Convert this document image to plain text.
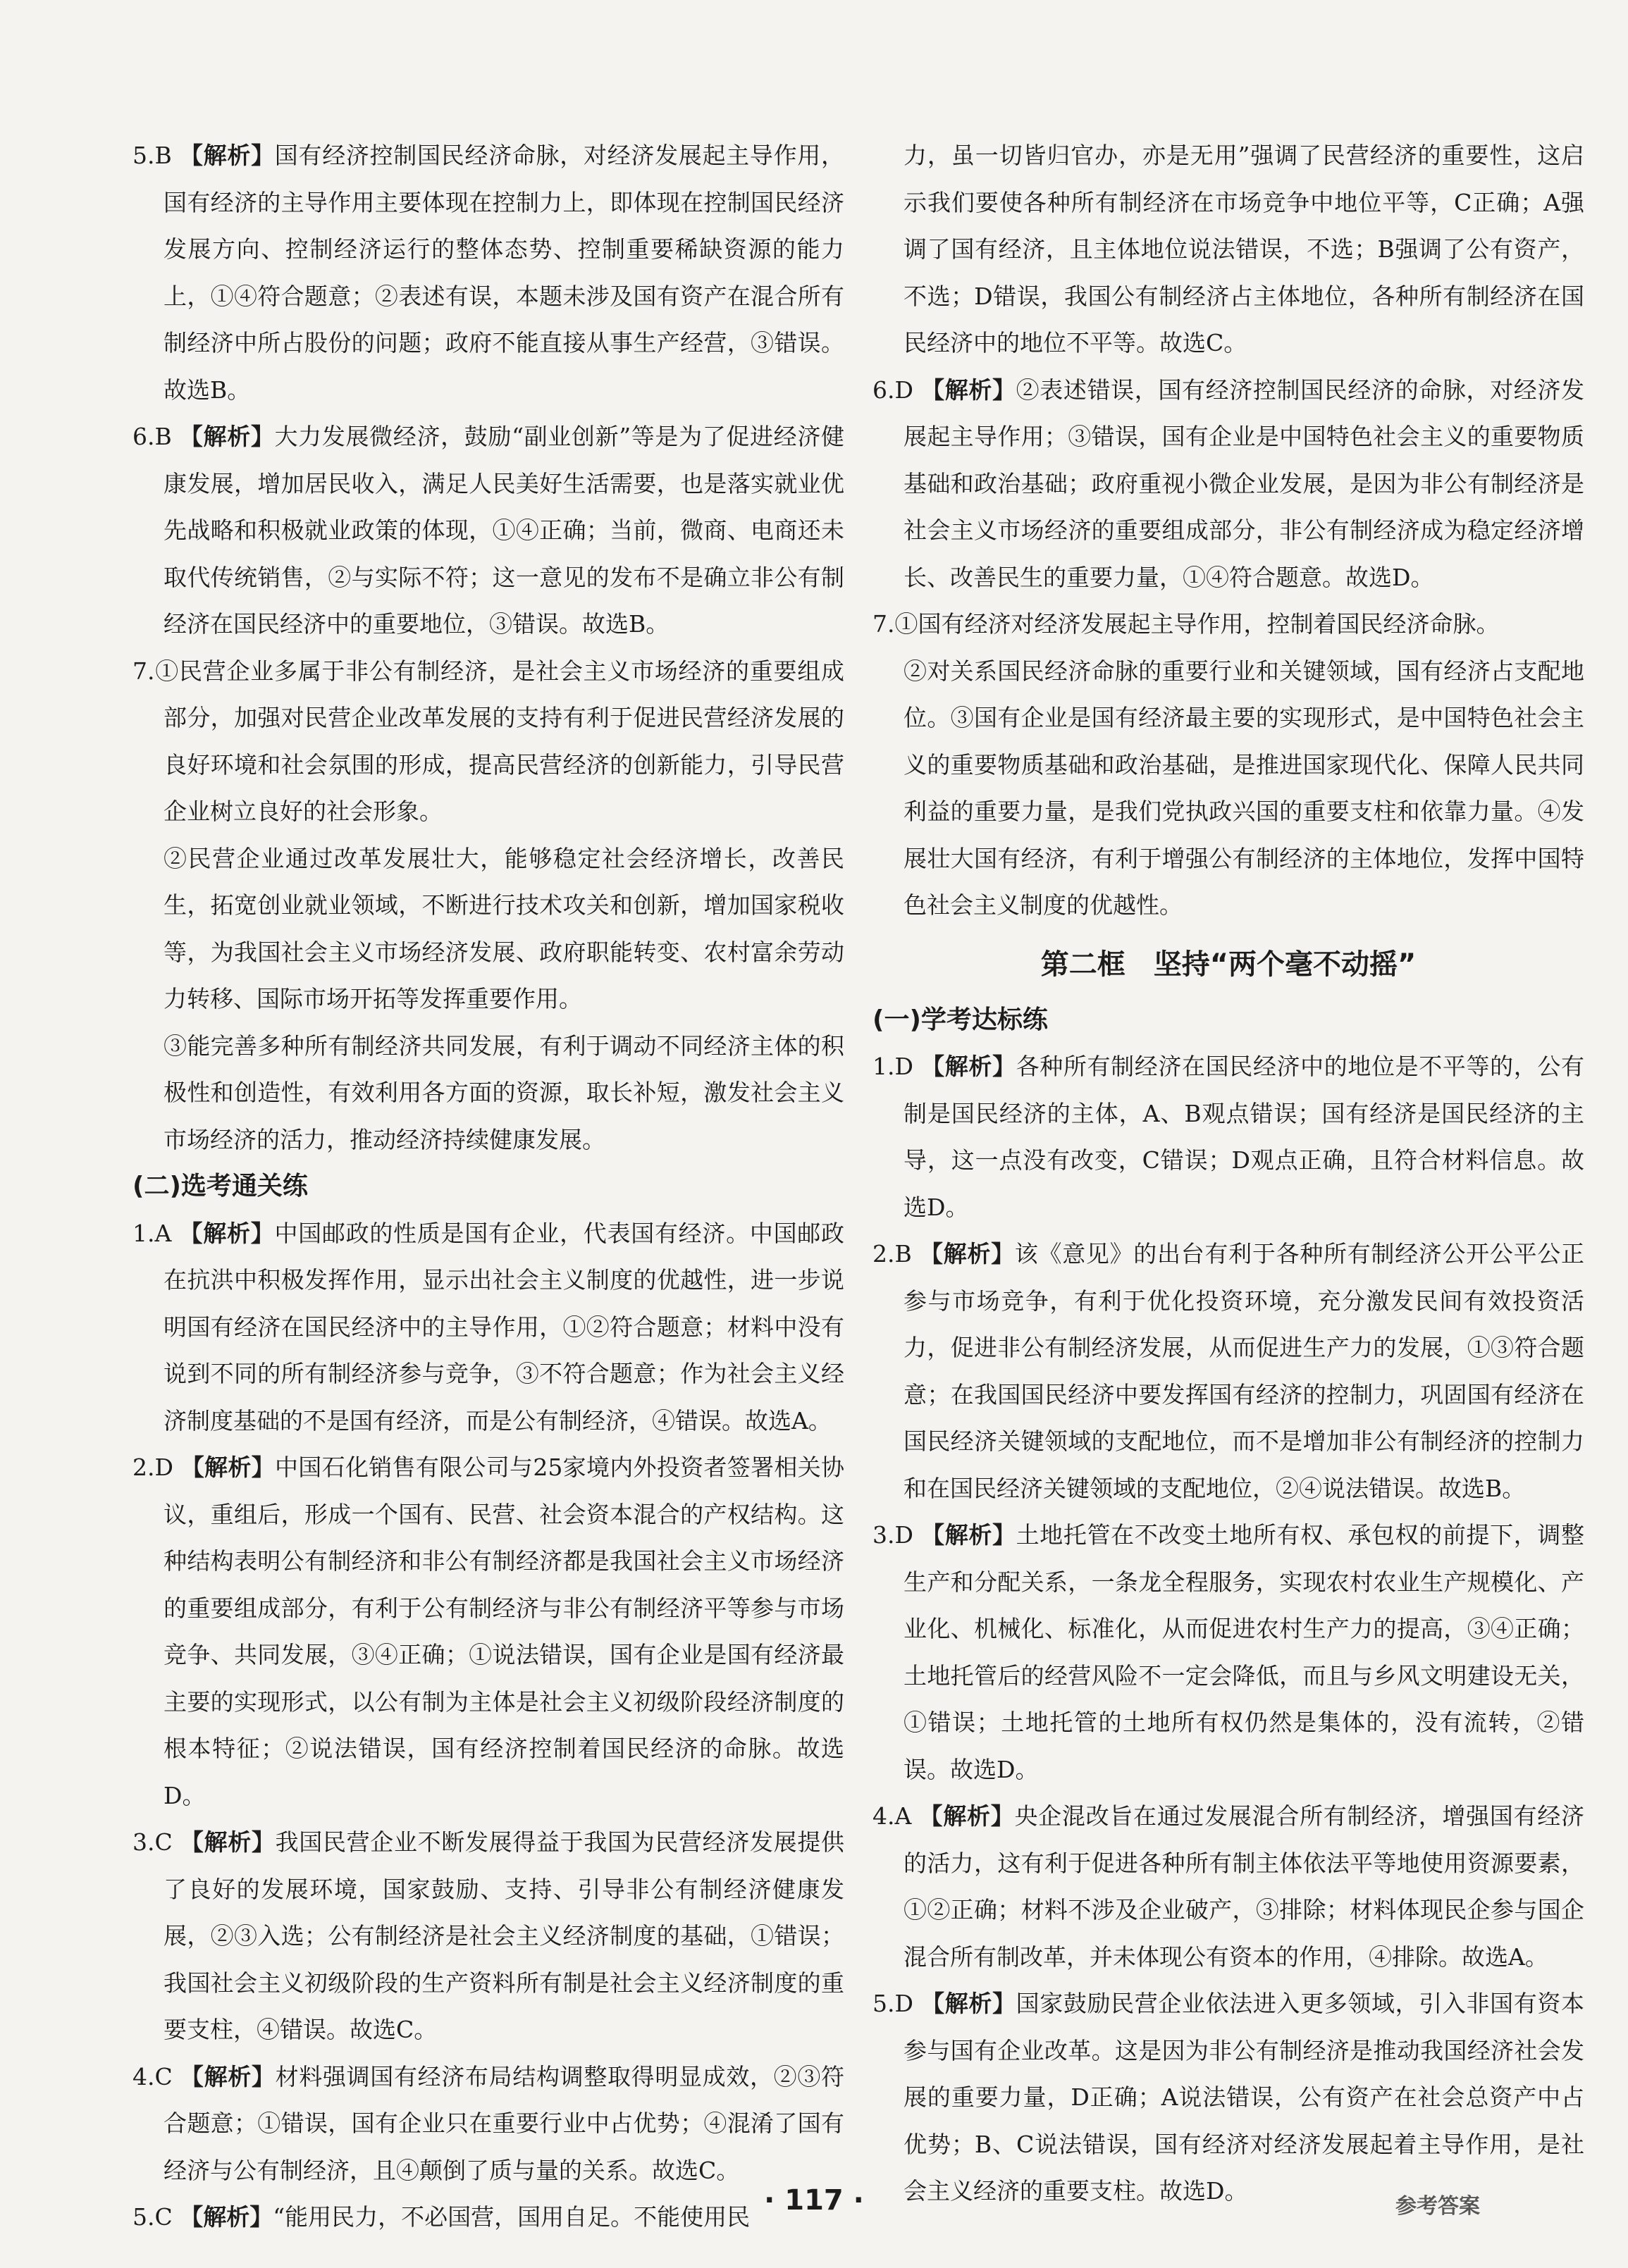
5.B 【解析】国有经济控制国民经济命脉，对经济发展起主导作用，国有经济的主导作用主要体现在控制力上，即体现在控制国民经济发展方向、控制经济运行的整体态势、控制重要稀缺资源的能力上，①④符合题意；②表述有误，本题未涉及国有资产在混合所有制经济中所占股份的问题；政府不能直接从事生产经营，③错误。故选B。

6.B 【解析】大力发展微经济，鼓励“副业创新”等是为了促进经济健康发展，增加居民收入，满足人民美好生活需要，也是落实就业优先战略和积极就业政策的体现，①④正确；当前，微商、电商还未取代传统销售，②与实际不符；这一意见的发布不是确立非公有制经济在国民经济中的重要地位，③错误。故选B。

7.①民营企业多属于非公有制经济，是社会主义市场经济的重要组成部分，加强对民营企业改革发展的支持有利于促进民营经济发展的良好环境和社会氛围的形成，提高民营经济的创新能力，引导民营企业树立良好的社会形象。

②民营企业通过改革发展壮大，能够稳定社会经济增长，改善民生，拓宽创业就业领域，不断进行技术攻关和创新，增加国家税收等，为我国社会主义市场经济发展、政府职能转变、农村富余劳动力转移、国际市场开拓等发挥重要作用。

③能完善多种所有制经济共同发展，有利于调动不同经济主体的积极性和创造性，有效利用各方面的资源，取长补短，激发社会主义市场经济的活力，推动经济持续健康发展。

(二)选考通关练

1.A 【解析】中国邮政的性质是国有企业，代表国有经济。中国邮政在抗洪中积极发挥作用，显示出社会主义制度的优越性，进一步说明国有经济在国民经济中的主导作用，①②符合题意；材料中没有说到不同的所有制经济参与竞争，③不符合题意；作为社会主义经济制度基础的不是国有经济，而是公有制经济，④错误。故选A。

2.D 【解析】中国石化销售有限公司与25家境内外投资者签署相关协议，重组后，形成一个国有、民营、社会资本混合的产权结构。这种结构表明公有制经济和非公有制经济都是我国社会主义市场经济的重要组成部分，有利于公有制经济与非公有制经济平等参与市场竞争、共同发展，③④正确；①说法错误，国有企业是国有经济最主要的实现形式，以公有制为主体是社会主义初级阶段经济制度的根本特征；②说法错误，国有经济控制着国民经济的命脉。故选D。

3.C 【解析】我国民营企业不断发展得益于我国为民营经济发展提供了良好的发展环境，国家鼓励、支持、引导非公有制经济健康发展，②③入选；公有制经济是社会主义经济制度的基础，①错误；我国社会主义初级阶段的生产资料所有制是社会主义经济制度的重要支柱，④错误。故选C。

4.C 【解析】材料强调国有经济布局结构调整取得明显成效，②③符合题意；①错误，国有企业只在重要行业中占优势；④混淆了国有经济与公有制经济，且④颠倒了质与量的关系。故选C。

5.C 【解析】“能用民力，不必国营，国用自足。不能使用民

力，虽一切皆归官办，亦是无用”强调了民营经济的重要性，这启示我们要使各种所有制经济在市场竞争中地位平等，C正确；A强调了国有经济，且主体地位说法错误，不选；B强调了公有资产，不选；D错误，我国公有制经济占主体地位，各种所有制经济在国民经济中的地位不平等。故选C。

6.D 【解析】②表述错误，国有经济控制国民经济的命脉，对经济发展起主导作用；③错误，国有企业是中国特色社会主义的重要物质基础和政治基础；政府重视小微企业发展，是因为非公有制经济是社会主义市场经济的重要组成部分，非公有制经济成为稳定经济增长、改善民生的重要力量，①④符合题意。故选D。

7.①国有经济对经济发展起主导作用，控制着国民经济命脉。

②对关系国民经济命脉的重要行业和关键领域，国有经济占支配地位。③国有企业是国有经济最主要的实现形式，是中国特色社会主义的重要物质基础和政治基础，是推进国家现代化、保障人民共同利益的重要力量，是我们党执政兴国的重要支柱和依靠力量。④发展壮大国有经济，有利于增强公有制经济的主体地位，发挥中国特色社会主义制度的优越性。

第二框　坚持“两个毫不动摇”

(一)学考达标练

1.D 【解析】各种所有制经济在国民经济中的地位是不平等的，公有制是国民经济的主体，A、B观点错误；国有经济是国民经济的主导，这一点没有改变，C错误；D观点正确，且符合材料信息。故选D。

2.B 【解析】该《意见》的出台有利于各种所有制经济公开公平公正参与市场竞争，有利于优化投资环境，充分激发民间有效投资活力，促进非公有制经济发展，从而促进生产力的发展，①③符合题意；在我国国民经济中要发挥国有经济的控制力，巩固国有经济在国民经济关键领域的支配地位，而不是增加非公有制经济的控制力和在国民经济关键领域的支配地位，②④说法错误。故选B。

3.D 【解析】土地托管在不改变土地所有权、承包权的前提下，调整生产和分配关系，一条龙全程服务，实现农村农业生产规模化、产业化、机械化、标准化，从而促进农村生产力的提高，③④正确；土地托管后的经营风险不一定会降低，而且与乡风文明建设无关，①错误；土地托管的土地所有权仍然是集体的，没有流转，②错误。故选D。

4.A 【解析】央企混改旨在通过发展混合所有制经济，增强国有经济的活力，这有利于促进各种所有制主体依法平等地使用资源要素，①②正确；材料不涉及企业破产，③排除；材料体现民企参与国企混合所有制改革，并未体现公有资本的作用，④排除。故选A。

5.D 【解析】国家鼓励民营企业依法进入更多领域，引入非国有资本参与国有企业改革。这是因为非公有制经济是推动我国经济社会发展的重要力量，D正确；A说法错误，公有资产在社会总资产中占优势；B、C说法错误，国有经济对经济发展起着主导作用，是社会主义经济的重要支柱。故选D。

· 117 ·	参考答案
